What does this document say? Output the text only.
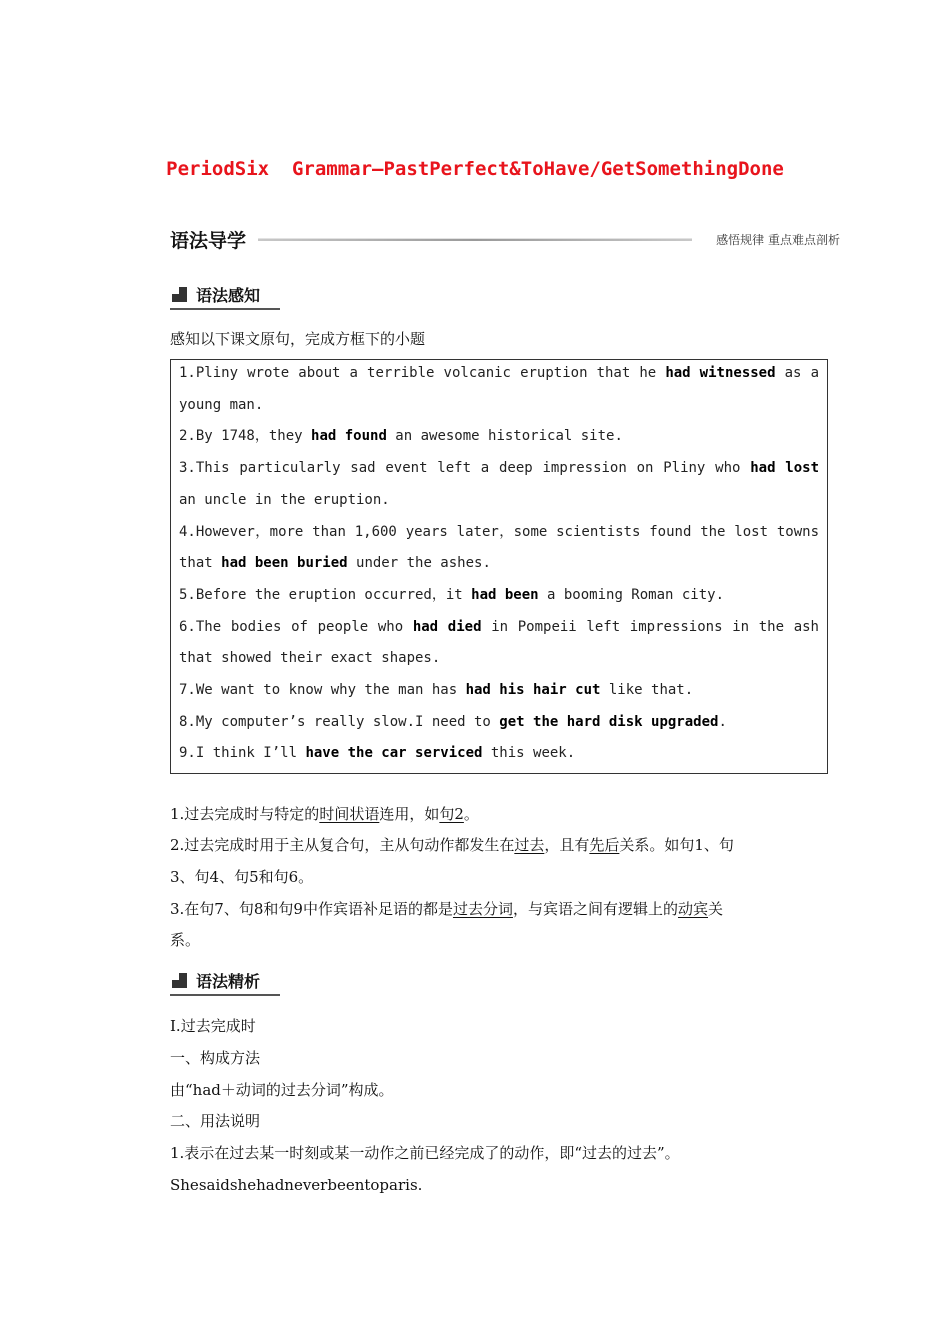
PeriodSix  Grammar—PastPerfect&ToHave/GetSomethingDone
语法导学	感悟规律 重点难点剖析
语法感知
感知以下课文原句，完成方框下的小题
1.Pliny wrote about a terrible volcanic eruption that he had witnessed as a
young man.
2.By 1748，they had found an awesome historical site.
3.This particularly sad event left a deep impression on Pliny who had lost
an uncle in the eruption.
4.However，more than 1,600 years later，some scientists found the lost towns
that had been buried under the ashes.
5.Before the eruption occurred，it had been a booming Roman city.
6.The bodies of people who had died in Pompeii left impressions in the ash
that showed their exact shapes.
7.We want to know why the man has had his hair cut like that.
8.My computer’s really slow.I need to get the hard disk upgraded.
9.I think I’ll have the car serviced this week.
1.过去完成时与特定的时间状语连用，如句2。
2.过去完成时用于主从复合句，主从句动作都发生在过去，且有先后关系。如句1、句
3、句4、句5和句6。
3.在句7、句8和句9中作宾语补足语的都是过去分词，与宾语之间有逻辑上的动宾关
系。
语法精析
Ⅰ.过去完成时
一、构成方法
由“had＋动词的过去分词”构成。
二、用法说明
1.表示在过去某一时刻或某一动作之前已经完成了的动作，即“过去的过去”。
Shesaidshehadneverbeentoparis.
